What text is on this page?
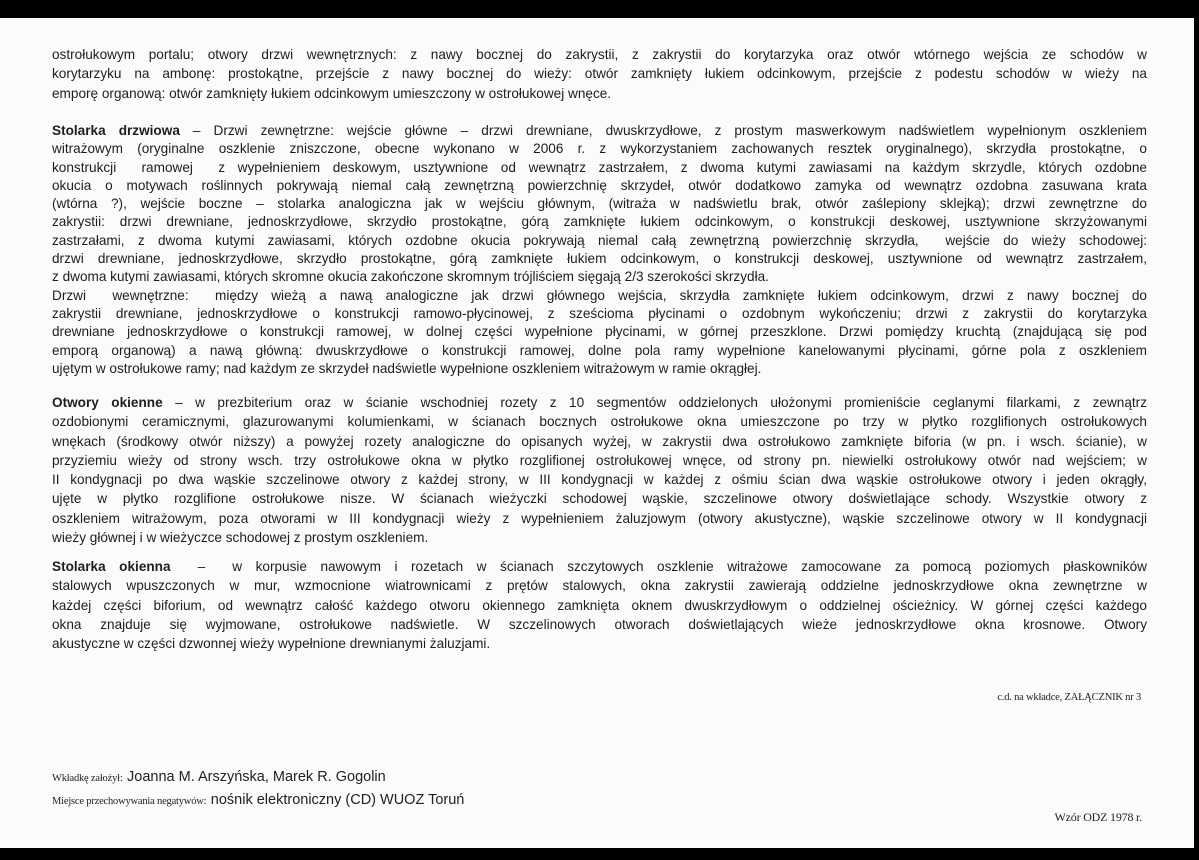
ostrołukowym portalu; otwory drzwi wewnętrznych: z nawy bocznej do zakrystii, z zakrystii do korytarzyka oraz otwór wtórnego wejścia ze schodów w
korytarzyku na ambonę: prostokątne, przejście z nawy bocznej do wieży: otwór zamknięty łukiem odcinkowym, przejście z podestu schodów w wieży na
emporę organową: otwór zamknięty łukiem odcinkowym umieszczony w ostrołukowej wnęce.
Stolarka drzwiowa – Drzwi zewnętrzne: wejście główne – drzwi drewniane, dwuskrzydłowe, z prostym maswerkowym nadświetlem wypełnionym oszkleniem
witrażowym (oryginalne oszklenie zniszczone, obecne wykonano w 2006 r. z wykorzystaniem zachowanych resztek oryginalnego), skrzydła prostokątne, o
konstrukcji  ramowej  z wypełnieniem deskowym, usztywnione od wewnątrz zastrzałem, z dwoma kutymi zawiasami na każdym skrzydle, których ozdobne
okucia o motywach roślinnych pokrywają niemal całą zewnętrzną powierzchnię skrzydeł, otwór dodatkowo zamyka od wewnątrz ozdobna zasuwana krata
(wtórna ?), wejście boczne – stolarka analogiczna jak w wejściu głównym, (witraża w nadświetlu brak, otwór zaślepiony sklejką); drzwi zewnętrzne do
zakrystii: drzwi drewniane, jednoskrzydłowe, skrzydło prostokątne, górą zamknięte łukiem odcinkowym, o konstrukcji deskowej, usztywnione skrzyżowanymi
zastrzałami, z dwoma kutymi zawiasami, których ozdobne okucia pokrywają niemal całą zewnętrzną powierzchnię skrzydła,  wejście do wieży schodowej:
drzwi drewniane, jednoskrzydłowe, skrzydło prostokątne, górą zamknięte łukiem odcinkowym, o konstrukcji deskowej, usztywnione od wewnątrz zastrzałem,
z dwoma kutymi zawiasami, których skromne okucia zakończone skromnym trójliściem sięgają 2/3 szerokości skrzydła.
Drzwi  wewnętrzne:  między wieżą a nawą analogiczne jak drzwi głównego wejścia, skrzydła zamknięte łukiem odcinkowym, drzwi z nawy bocznej do
zakrystii drewniane, jednoskrzydłowe o konstrukcji ramowo-płycinowej, z sześcioma płycinami o ozdobnym wykończeniu; drzwi z zakrystii do korytarzyka
drewniane jednoskrzydłowe o konstrukcji ramowej, w dolnej części wypełnione płycinami, w górnej przeszklone. Drzwi pomiędzy kruchtą (znajdującą się pod
emporą organową) a nawą główną: dwuskrzydłowe o konstrukcji ramowej, dolne pola ramy wypełnione kanelowanymi płycinami, górne pola z oszkleniem
ujętym w ostrołukowe ramy; nad każdym ze skrzydeł nadświetle wypełnione oszkleniem witrażowym w ramie okrągłej.
Otwory okienne – w prezbiterium oraz w ścianie wschodniej rozety z 10 segmentów oddzielonych ułożonymi promieniście ceglanymi filarkami, z zewnątrz
ozdobionymi ceramicznymi, glazurowanymi kolumienkami, w ścianach bocznych ostrołukowe okna umieszczone po trzy w płytko rozglifionych ostrołukowych
wnękach (środkowy otwór niższy) a powyżej rozety analogiczne do opisanych wyżej, w zakrystii dwa ostrołukowo zamknięte biforia (w pn. i wsch. ścianie), w
przyziemiu wieży od strony wsch. trzy ostrołukowe okna w płytko rozglifionej ostrołukowej wnęce, od strony pn. niewielki ostrołukowy otwór nad wejściem; w
II kondygnacji po dwa wąskie szczelinowe otwory z każdej strony, w III kondygnacji w każdej z ośmiu ścian dwa wąskie ostrołukowe otwory i jeden okrągły,
ujęte w płytko rozglifione ostrołukowe nisze. W ścianach wieżyczki schodowej wąskie, szczelinowe otwory doświetlające schody. Wszystkie otwory z
oszkleniem witrażowym, poza otworami w III kondygnacji wieży z wypełnieniem żaluzjowym (otwory akustyczne), wąskie szczelinowe otwory w II kondygnacji
wieży głównej i w wieżyczce schodowej z prostym oszkleniem.
Stolarka okienna  –  w korpusie nawowym i rozetach w ścianach szczytowych oszklenie witrażowe zamocowane za pomocą poziomych płaskowników
stalowych wpuszczonych w mur, wzmocnione wiatrownicami z prętów stalowych, okna zakrystii zawierają oddzielne jednoskrzydłowe okna zewnętrzne w
każdej części biforium, od wewnątrz całość każdego otworu okiennego zamknięta oknem dwuskrzydłowym o oddzielnej ościeżnicy. W górnej części każdego
okna znajduje się wyjmowane, ostrołukowe nadświetle. W szczelinowych otworach doświetlających wieże jednoskrzydłowe okna krosnowe. Otwory
akustyczne w części dzwonnej wieży wypełnione drewnianymi żaluzjami.
c.d. na wkładce, ZAŁĄCZNIK nr 3
Wkładkę założył: Joanna M. Arszyńska, Marek R. Gogolin
Miejsce przechowywania negatywów: nośnik elektroniczny (CD) WUOZ Toruń
Wzór ODZ 1978 r.
